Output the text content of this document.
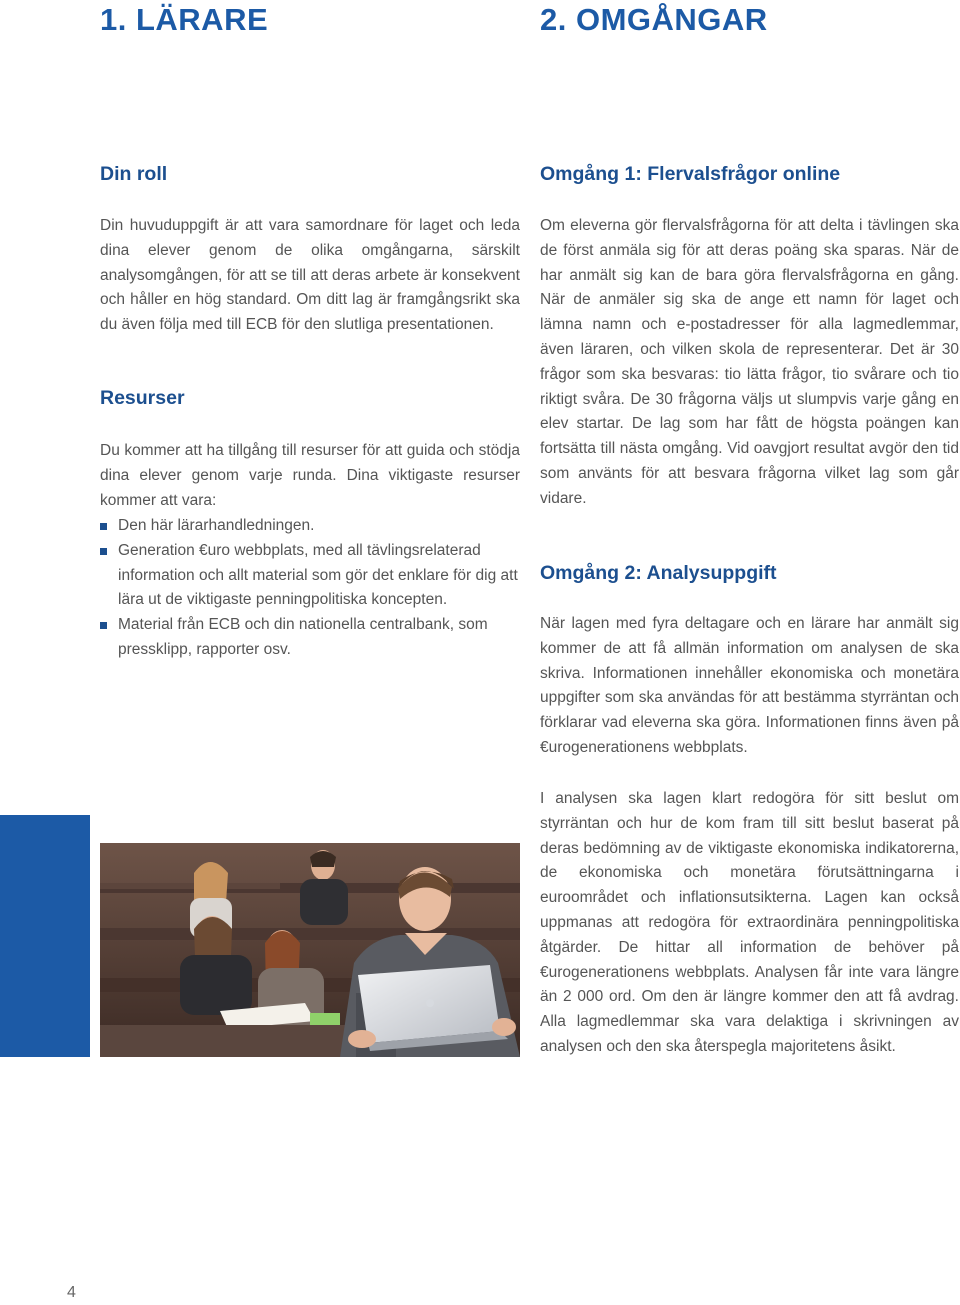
1. LÄRARE	2. OMGÅNGAR
Din roll

Din huvuduppgift är att vara samordnare för laget och leda dina elever genom de olika omgångarna, särskilt analysomgången, för att se till att deras arbete är konsekvent och håller en hög standard. Om ditt lag är framgångsrikt ska du även följa med till ECB för den slutliga presentationen.

Resurser

Du kommer att ha tillgång till resurser för att guida och stödja dina elever genom varje runda. Dina viktigaste resurser kommer att vara:

Den här lärarhandledningen.
Generation €uro webbplats, med all tävlingsrelaterad information och allt material som gör det enklare för dig att lära ut de viktigaste penningpolitiska koncepten.
Material från ECB och din nationella centralbank, som pressklipp, rapporter osv.
Omgång 1: Flervalsfrågor online

Om eleverna gör flervalsfrågorna för att delta i tävlingen ska de först anmäla sig för att deras poäng ska sparas. När de har anmält sig kan de bara göra flervalsfrågorna en gång. När de anmäler sig ska de ange ett namn för laget och lämna namn och e-postadresser för alla lagmedlemmar, även läraren, och vilken skola de representerar. Det är 30 frågor som ska besvaras: tio lätta frågor, tio svårare och tio riktigt svåra. De 30 frågorna väljs ut slumpvis varje gång en elev startar. De lag som har fått de högsta poängen kan fortsätta till nästa omgång. Vid oavgjort resultat avgör den tid som använts för att besvara frågorna vilket lag som går vidare.

Omgång 2: Analysuppgift

När lagen med fyra deltagare och en lärare har anmält sig kommer de att få allmän information om analysen de ska skriva. Informationen innehåller ekonomiska och monetära uppgifter som ska användas för att bestämma styrräntan och förklarar vad eleverna ska göra. Informationen finns även på €urogenerationens webbplats.

I analysen ska lagen klart redogöra för sitt beslut om styrräntan och hur de kom fram till sitt beslut baserat på deras bedömning av de viktigaste ekonomiska indikatorerna, de ekonomiska och monetära förutsättningarna i euroområdet och inflationsutsikterna. Lagen kan också uppmanas att redogöra för extraordinära penningpolitiska åtgärder. De hittar all information de behöver på €urogenerationens webbplats. Analysen får inte vara längre än 2 000 ord. Om den är längre kommer den att få avdrag. Alla lagmedlemmar ska vara delaktiga i skrivningen av analysen och den ska återspegla majoritetens åsikt.

4
